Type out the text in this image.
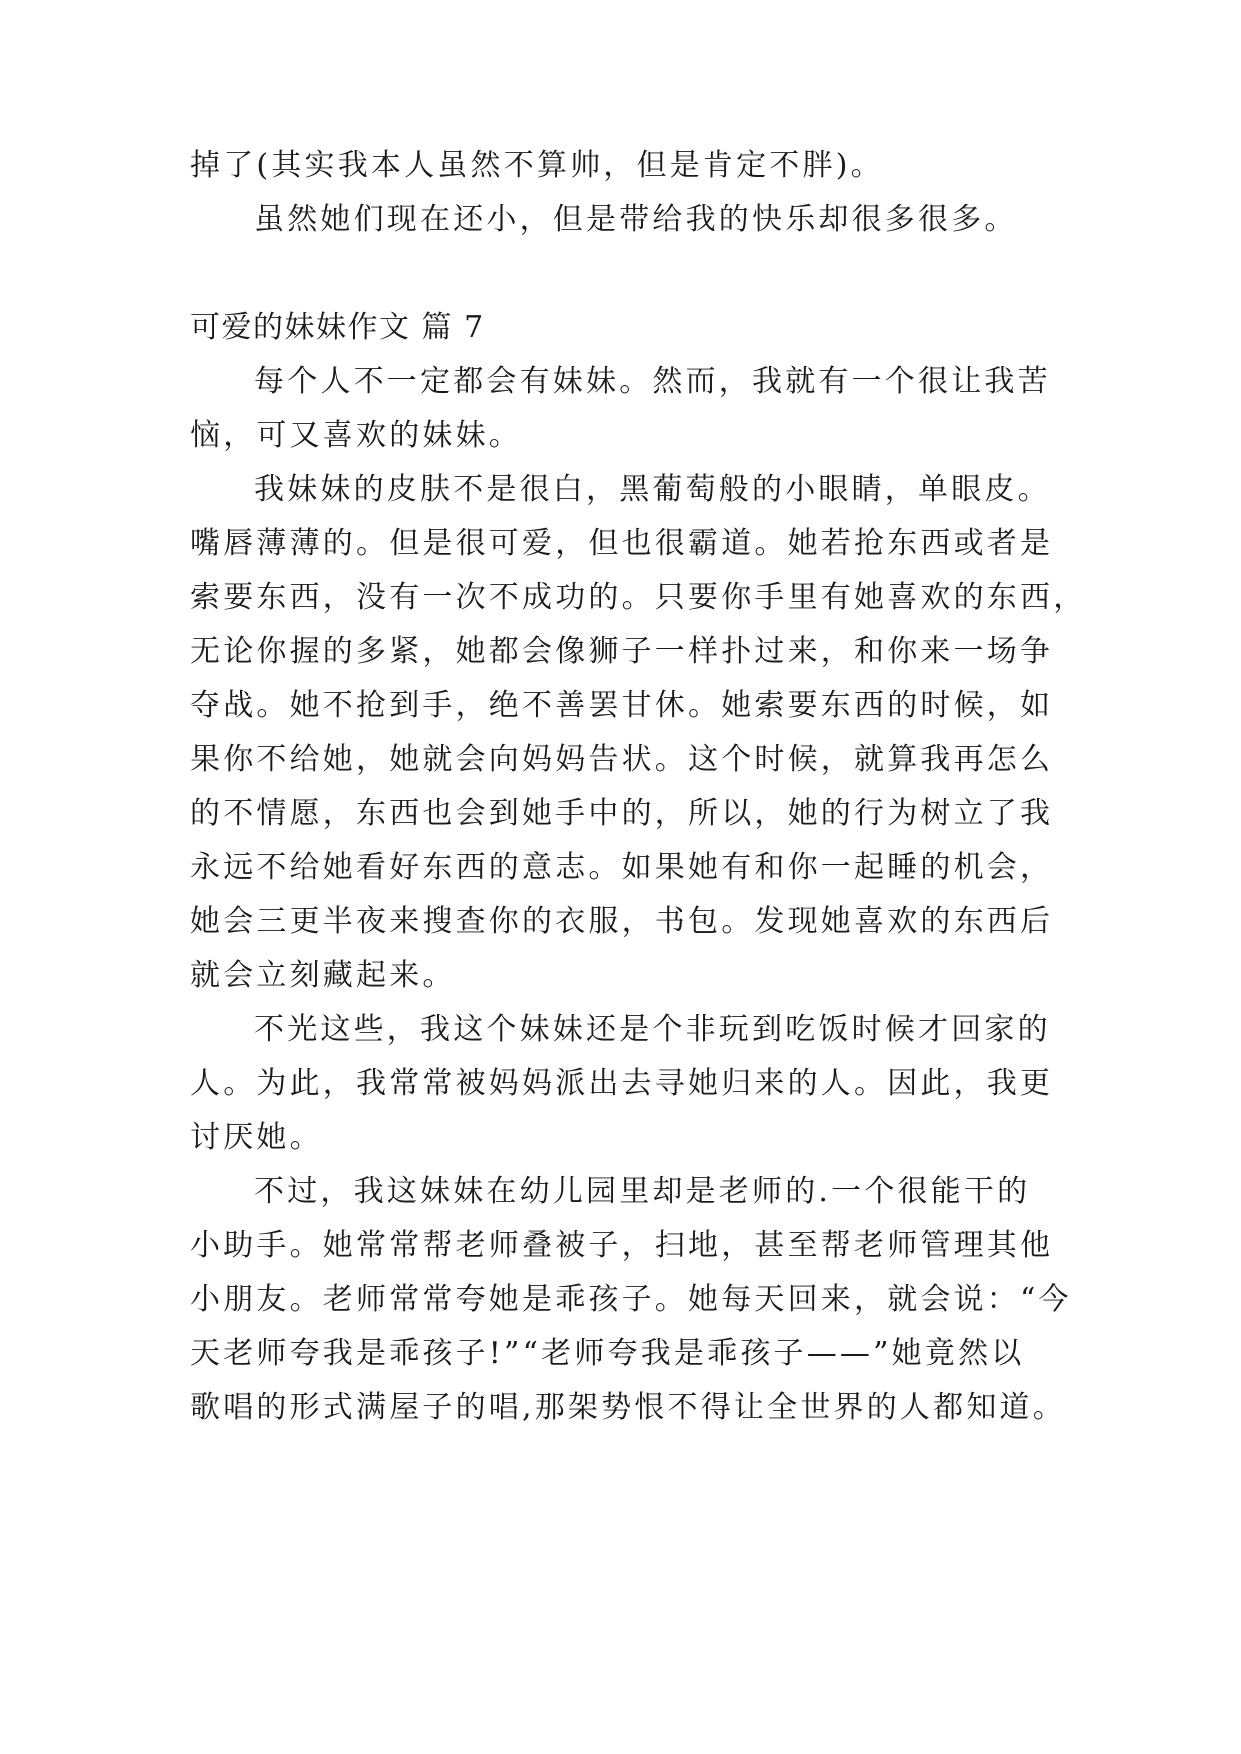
掉了(其实我本人虽然不算帅，但是肯定不胖)。
虽然她们现在还小，但是带给我的快乐却很多很多。
可爱的妹妹作文 篇 7
每个人不一定都会有妹妹。然而，我就有一个很让我苦
恼，可又喜欢的妹妹。
我妹妹的皮肤不是很白，黑葡萄般的小眼睛，单眼皮。
嘴唇薄薄的。但是很可爱，但也很霸道。她若抢东西或者是
索要东西，没有一次不成功的。只要你手里有她喜欢的东西，
无论你握的多紧，她都会像狮子一样扑过来，和你来一场争
夺战。她不抢到手，绝不善罢甘休。她索要东西的时候，如
果你不给她，她就会向妈妈告状。这个时候，就算我再怎么
的不情愿，东西也会到她手中的，所以，她的行为树立了我
永远不给她看好东西的意志。如果她有和你一起睡的机会，
她会三更半夜来搜查你的衣服，书包。发现她喜欢的东西后
就会立刻藏起来。
不光这些，我这个妹妹还是个非玩到吃饭时候才回家的
人。为此，我常常被妈妈派出去寻她归来的人。因此，我更
讨厌她。
不过，我这妹妹在幼儿园里却是老师的.一个很能干的
小助手。她常常帮老师叠被子，扫地，甚至帮老师管理其他
小朋友。老师常常夸她是乖孩子。她每天回来，就会说：“今
天老师夸我是乖孩子!”“老师夸我是乖孩子——”她竟然以
歌唱的形式满屋子的唱,那架势恨不得让全世界的人都知道。
